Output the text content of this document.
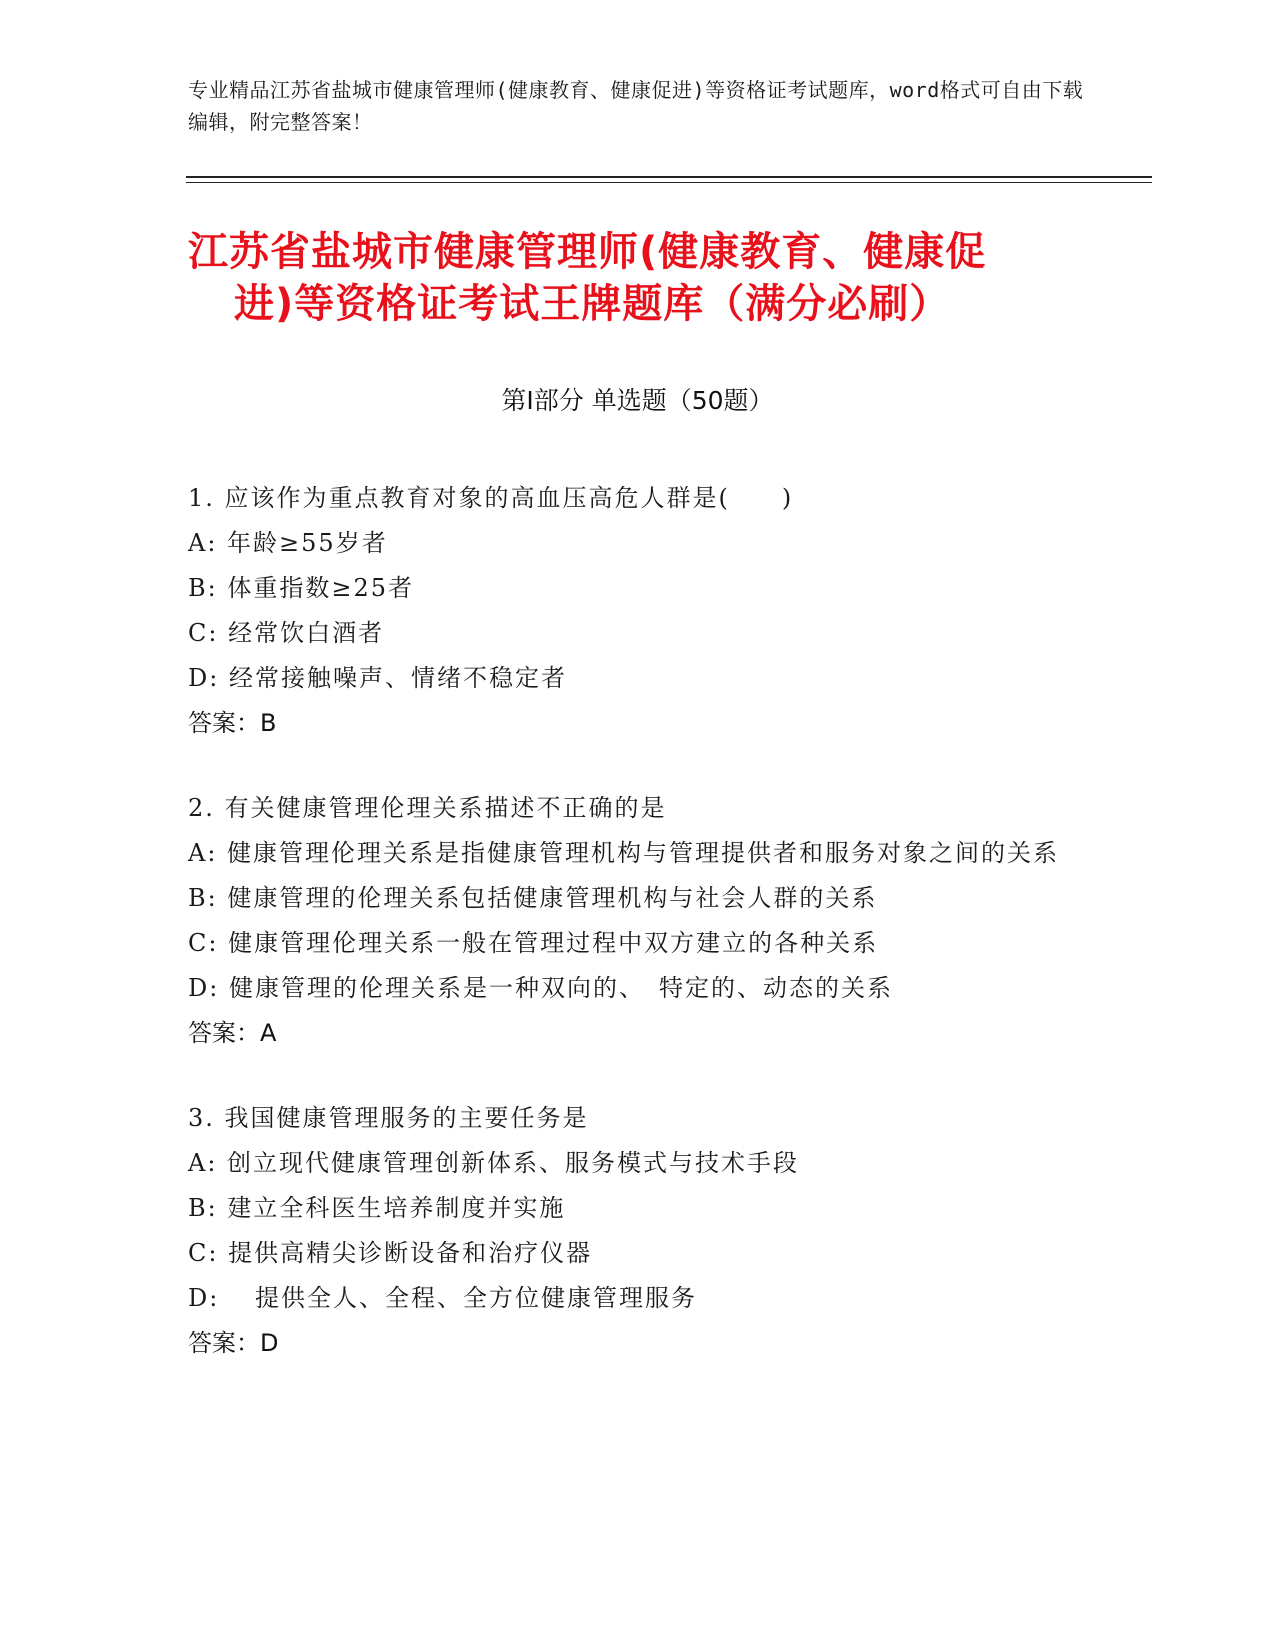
专业精品江苏省盐城市健康管理师(健康教育、健康促进)等资格证考试题库，word格式可自由下载编辑，附完整答案！
江苏省盐城市健康管理师(健康教育、健康促
进)等资格证考试王牌题库（满分必刷）
第Ⅰ部分 单选题（50题）
1. 应该作为重点教育对象的高血压高危人群是(　　)
A: 年龄≥55岁者
B: 体重指数≥25者
C: 经常饮白酒者
D: 经常接触噪声、情绪不稳定者
答案：B
2. 有关健康管理伦理关系描述不正确的是
A: 健康管理伦理关系是指健康管理机构与管理提供者和服务对象之间的关系
B: 健康管理的伦理关系包括健康管理机构与社会人群的关系
C: 健康管理伦理关系一般在管理过程中双方建立的各种关系
D: 健康管理的伦理关系是一种双向的、　特定的、动态的关系
答案：A
3. 我国健康管理服务的主要任务是
A: 创立现代健康管理创新体系、服务模式与技术手段
B: 建立全科医生培养制度并实施
C: 提供高精尖诊断设备和治疗仪器
D: 　提供全人、全程、全方位健康管理服务
答案：D
